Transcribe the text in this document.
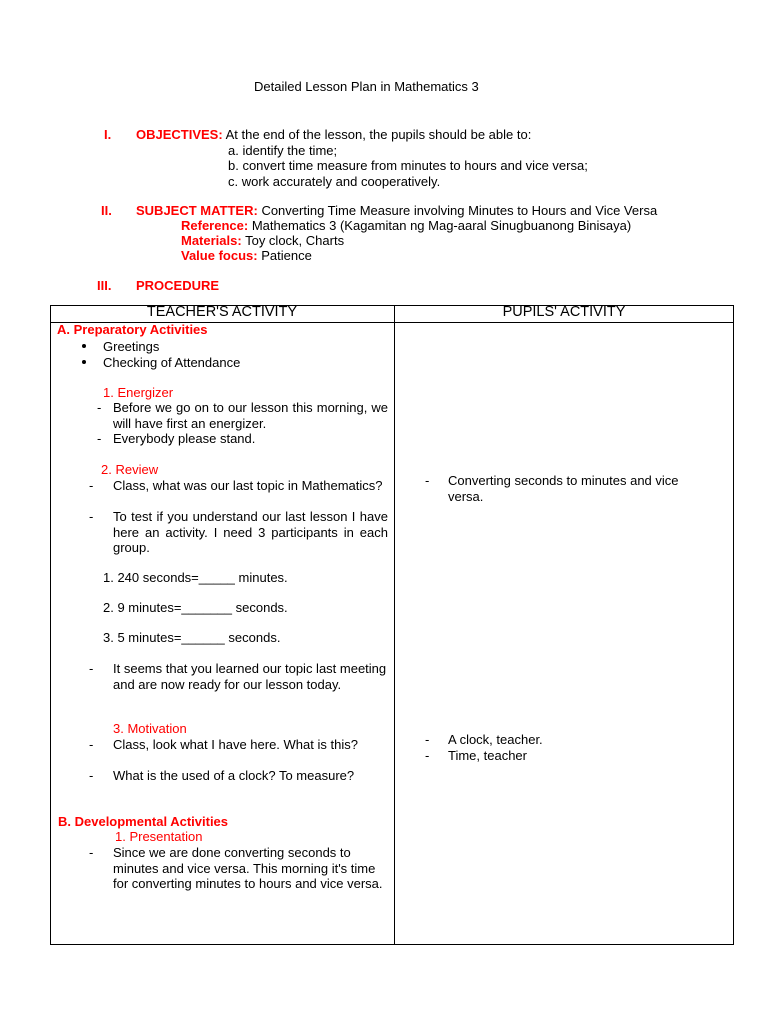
Detailed Lesson Plan in Mathematics 3
I. OBJECTIVES: At the end of the lesson, the pupils should be able to:
a. identify the time;
b. convert time measure from minutes to hours and vice versa;
c. work accurately and cooperatively.
II. SUBJECT MATTER: Converting Time Measure involving Minutes to Hours and Vice Versa
Reference: Mathematics 3 (Kagamitan ng Mag-aaral Sinugbuanong Binisaya)
Materials: Toy clock, Charts
Value focus: Patience
III. PROCEDURE
TEACHER'S ACTIVITY	PUPILS' ACTIVITY
A. Preparatory Activities
Greetings
Checking of Attendance
1. Energizer
- Before we go on to our lesson this morning, we will have first an energizer.
- Everybody please stand.
2. Review
- Class, what was our last topic in Mathematics?
- To test if you understand our last lesson I have here an activity. I need 3 participants in each group.
1. 240 seconds=_____ minutes.
2. 9 minutes=_______ seconds.
3. 5 minutes=______ seconds.
- It seems that you learned our topic last meeting and are now ready for our lesson today.
3. Motivation
- Class, look what I have here. What is this?
- What is the used of a clock? To measure?
B. Developmental Activities
1. Presentation
- Since we are done converting seconds to minutes and vice versa. This morning it's time for converting minutes to hours and vice versa.
- Converting seconds to minutes and vice versa.
- A clock, teacher.
- Time, teacher
